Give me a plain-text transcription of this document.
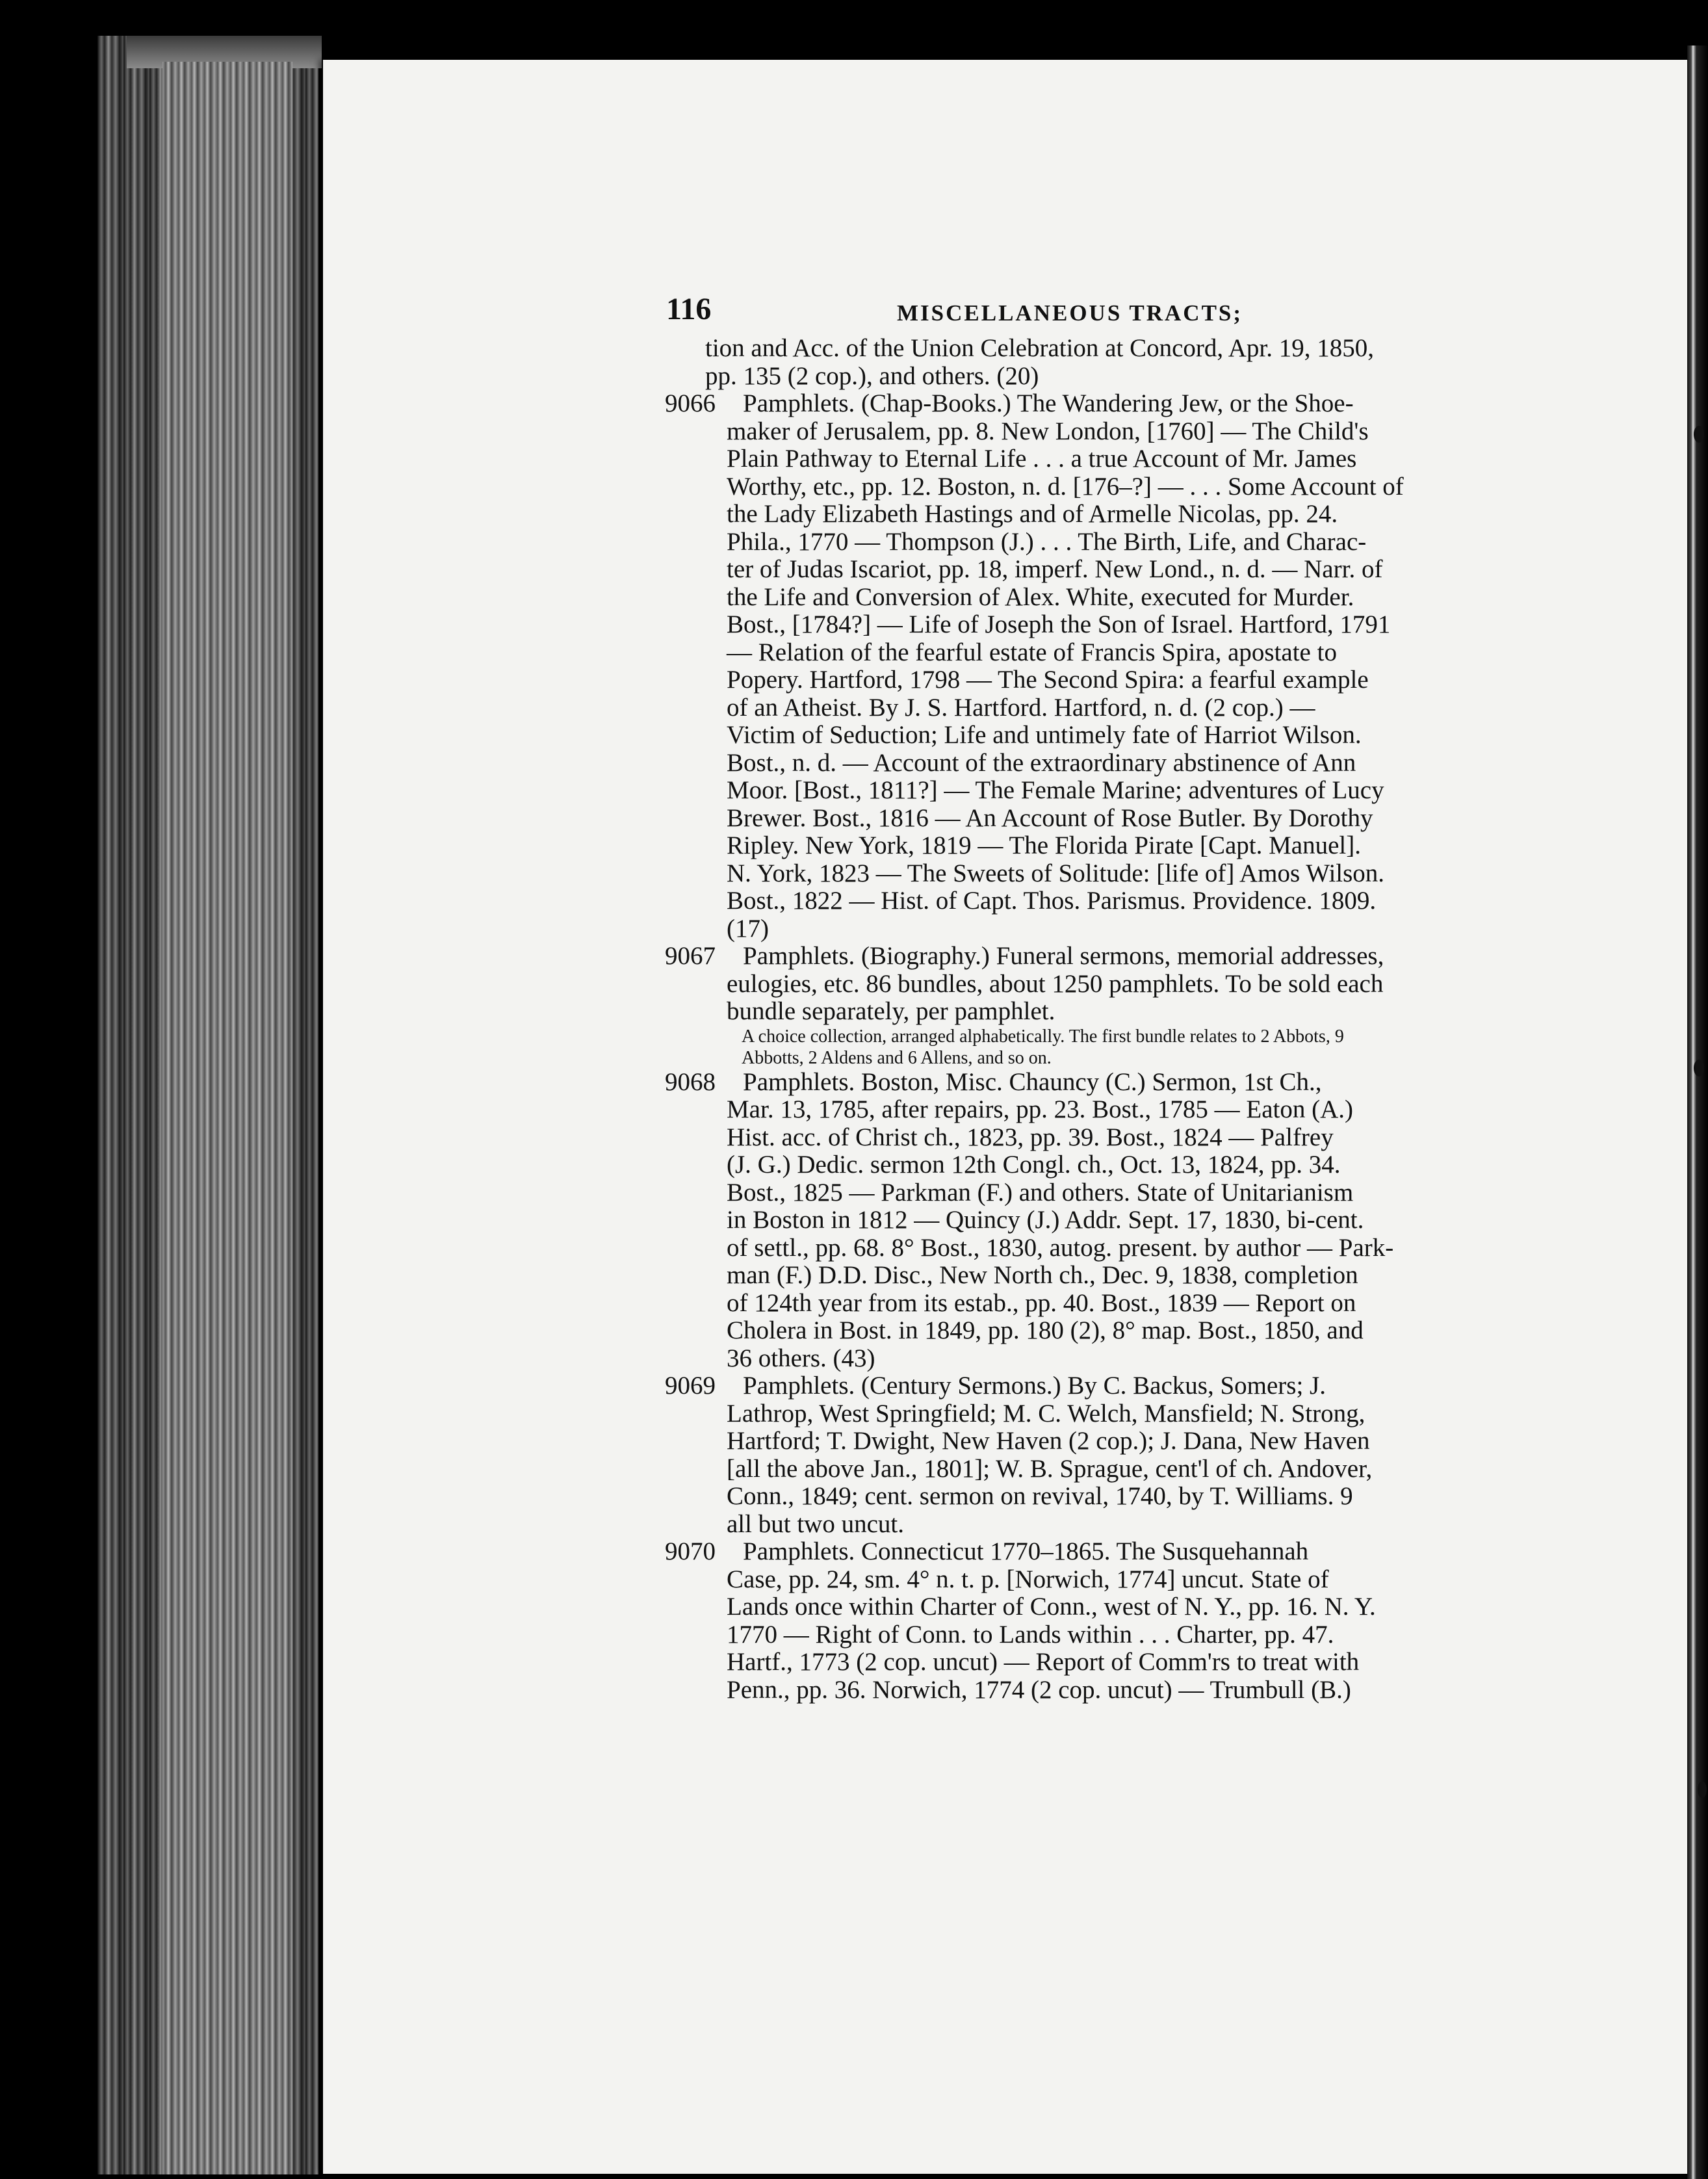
116	MISCELLANEOUS TRACTS;
tion and Acc. of the Union Celebration at Concord, Apr. 19, 1850,
pp. 135 (2 cop.), and others. (20)
9066	Pamphlets. (Chap-Books.) The Wandering Jew, or the Shoe-
maker of Jerusalem, pp. 8. New London, [1760] — The Child's
Plain Pathway to Eternal Life . . . a true Account of Mr. James
Worthy, etc., pp. 12. Boston, n. d. [176–?] — . . . Some Account of
the Lady Elizabeth Hastings and of Armelle Nicolas, pp. 24.
Phila., 1770 — Thompson (J.) . . . The Birth, Life, and Charac-
ter of Judas Iscariot, pp. 18, imperf. New Lond., n. d. — Narr. of
the Life and Conversion of Alex. White, executed for Murder.
Bost., [1784?] — Life of Joseph the Son of Israel. Hartford, 1791
— Relation of the fearful estate of Francis Spira, apostate to
Popery. Hartford, 1798 — The Second Spira: a fearful example
of an Atheist. By J. S. Hartford. Hartford, n. d. (2 cop.) —
Victim of Seduction; Life and untimely fate of Harriot Wilson.
Bost., n. d. — Account of the extraordinary abstinence of Ann
Moor. [Bost., 1811?] — The Female Marine; adventures of Lucy
Brewer. Bost., 1816 — An Account of Rose Butler. By Dorothy
Ripley. New York, 1819 — The Florida Pirate [Capt. Manuel].
N. York, 1823 — The Sweets of Solitude: [life of] Amos Wilson.
Bost., 1822 — Hist. of Capt. Thos. Parismus. Providence. 1809.
(17)
9067	Pamphlets. (Biography.) Funeral sermons, memorial addresses,
eulogies, etc. 86 bundles, about 1250 pamphlets. To be sold each
bundle separately, per pamphlet.
A choice collection, arranged alphabetically. The first bundle relates to 2 Abbots, 9
Abbotts, 2 Aldens and 6 Allens, and so on.
9068	Pamphlets. Boston, Misc. Chauncy (C.) Sermon, 1st Ch.,
Mar. 13, 1785, after repairs, pp. 23. Bost., 1785 — Eaton (A.)
Hist. acc. of Christ ch., 1823, pp. 39. Bost., 1824 — Palfrey
(J. G.) Dedic. sermon 12th Congl. ch., Oct. 13, 1824, pp. 34.
Bost., 1825 — Parkman (F.) and others. State of Unitarianism
in Boston in 1812 — Quincy (J.) Addr. Sept. 17, 1830, bi-cent.
of settl., pp. 68. 8° Bost., 1830, autog. present. by author — Park-
man (F.) D.D. Disc., New North ch., Dec. 9, 1838, completion
of 124th year from its estab., pp. 40. Bost., 1839 — Report on
Cholera in Bost. in 1849, pp. 180 (2), 8° map. Bost., 1850, and
36 others. (43)
9069	Pamphlets. (Century Sermons.) By C. Backus, Somers; J.
Lathrop, West Springfield; M. C. Welch, Mansfield; N. Strong,
Hartford; T. Dwight, New Haven (2 cop.); J. Dana, New Haven
[all the above Jan., 1801]; W. B. Sprague, cent'l of ch. Andover,
Conn., 1849; cent. sermon on revival, 1740, by T. Williams. 9
all but two uncut.
9070	Pamphlets. Connecticut 1770–1865. The Susquehannah
Case, pp. 24, sm. 4° n. t. p. [Norwich, 1774] uncut. State of
Lands once within Charter of Conn., west of N. Y., pp. 16. N. Y.
1770 — Right of Conn. to Lands within . . . Charter, pp. 47.
Hartf., 1773 (2 cop. uncut) — Report of Comm'rs to treat with
Penn., pp. 36. Norwich, 1774 (2 cop. uncut) — Trumbull (B.)
